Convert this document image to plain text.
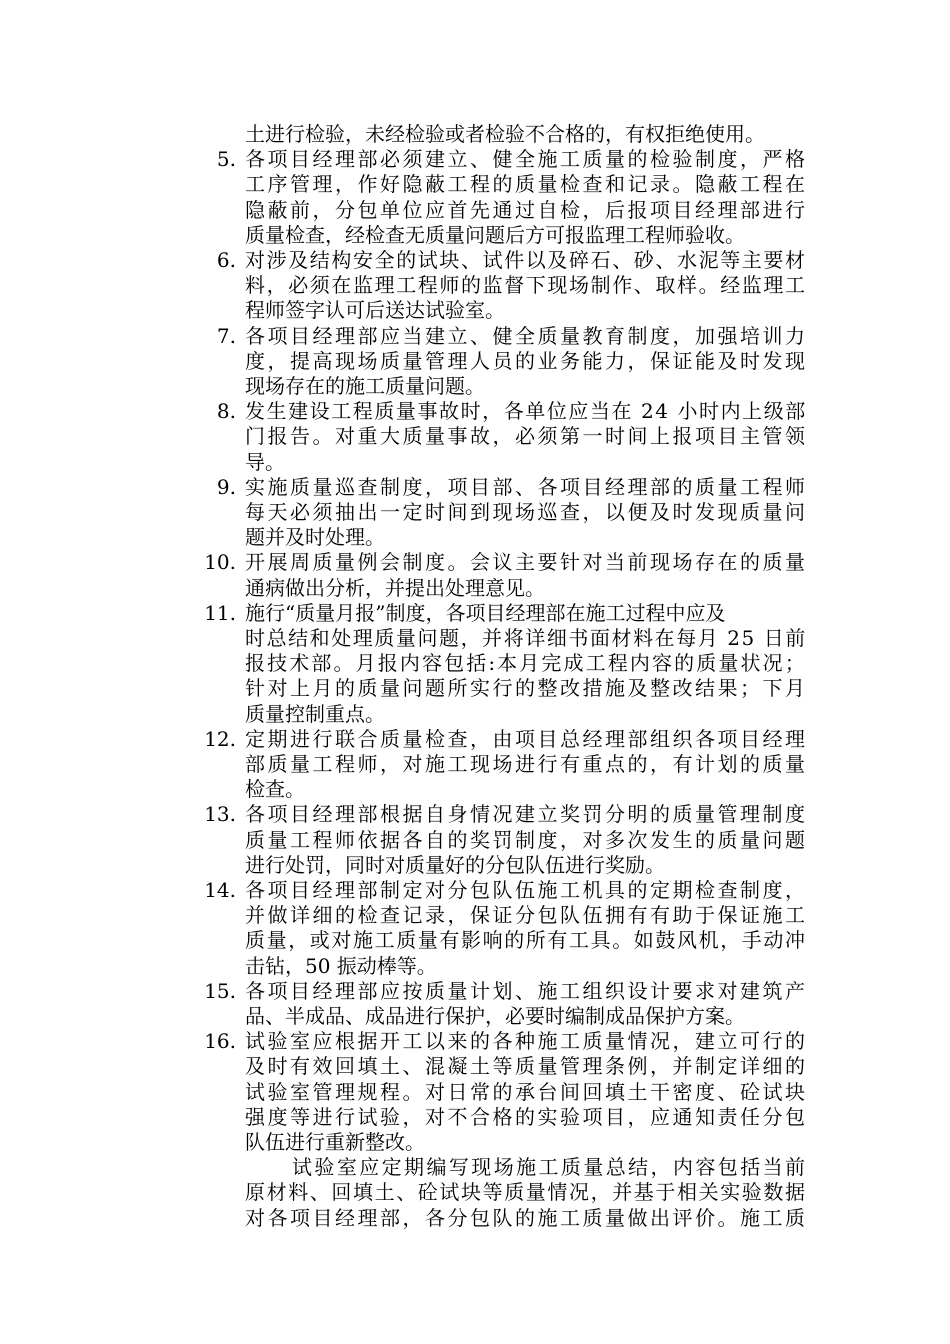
土进行检验，未经检验或者检验不合格的，有权拒绝使用。
5. 各项目经理部必须建立、健全施工质量的检验制度，严格
工序管理，作好隐蔽工程的质量检查和记录。隐蔽工程在
隐蔽前，分包单位应首先通过自检，后报项目经理部进行
质量检查，经检查无质量问题后方可报监理工程师验收。
6. 对涉及结构安全的试块、试件以及碎石、砂、水泥等主要材
料，必须在监理工程师的监督下现场制作、取样。经监理工
程师签字认可后送达试验室。
7. 各项目经理部应当建立、健全质量教育制度，加强培训力
度，提高现场质量管理人员的业务能力，保证能及时发现
现场存在的施工质量问题。
8. 发生建设工程质量事故时，各单位应当在 24 小时内上级部
门报告。对重大质量事故，必须第一时间上报项目主管领
导。
9. 实施质量巡查制度，项目部、各项目经理部的质量工程师
每天必须抽出一定时间到现场巡查，以便及时发现质量问
题并及时处理。
10. 开展周质量例会制度。会议主要针对当前现场存在的质量
通病做出分析，并提出处理意见。
11. 施行“质量月报”制度，各项目经理部在施工过程中应及
时总结和处理质量问题，并将详细书面材料在每月 25 日前
报技术部。月报内容包括:本月完成工程内容的质量状况；
针对上月的质量问题所实行的整改措施及整改结果；下月
质量控制重点。
12. 定期进行联合质量检查，由项目总经理部组织各项目经理
部质量工程师，对施工现场进行有重点的，有计划的质量
检查。
13. 各项目经理部根据自身情况建立奖罚分明的质量管理制度
质量工程师依据各自的奖罚制度，对多次发生的质量问题
进行处罚，同时对质量好的分包队伍进行奖励。
14. 各项目经理部制定对分包队伍施工机具的定期检查制度，
并做详细的检查记录，保证分包队伍拥有有助于保证施工
质量，或对施工质量有影响的所有工具。如鼓风机，手动冲
击钻，50 振动棒等。
15. 各项目经理部应按质量计划、施工组织设计要求对建筑产
品、半成品、成品进行保护，必要时编制成品保护方案。
16. 试验室应根据开工以来的各种施工质量情况，建立可行的
及时有效回填土、混凝土等质量管理条例，并制定详细的
试验室管理规程。对日常的承台间回填土干密度、砼试块
强度等进行试验，对不合格的实验项目，应通知责任分包
队伍进行重新整改。
试验室应定期编写现场施工质量总结，内容包括当前
原材料、回填土、砼试块等质量情况，并基于相关实验数据
对各项目经理部，各分包队的施工质量做出评价。施工质
